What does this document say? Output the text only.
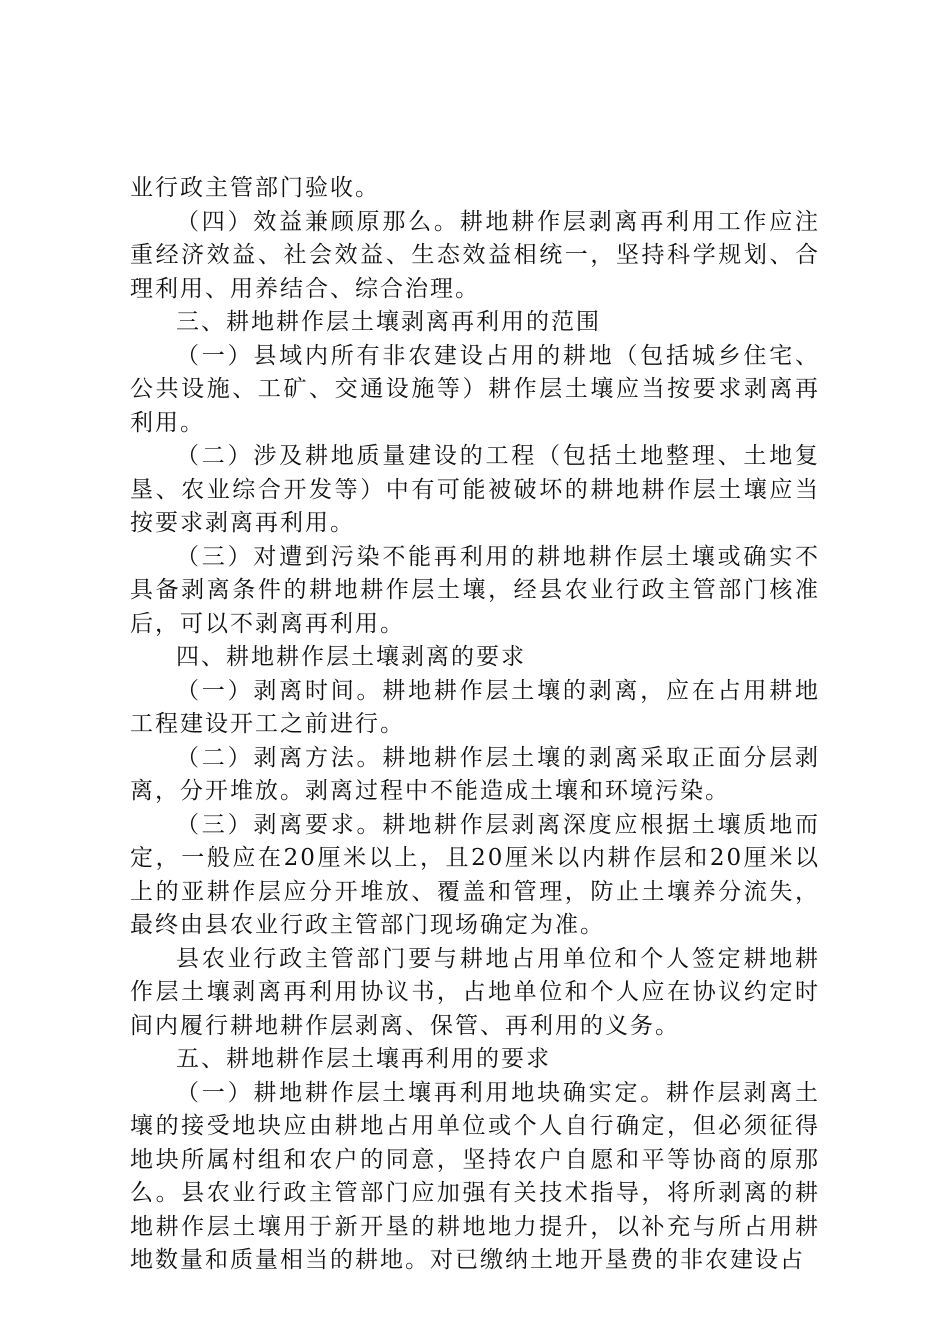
业行政主管部门验收。

（四）效益兼顾原那么。耕地耕作层剥离再利用工作应注重经济效益、社会效益、生态效益相统一，坚持科学规划、合理利用、用养结合、综合治理。

三、耕地耕作层土壤剥离再利用的范围

（一）县域内所有非农建设占用的耕地（包括城乡住宅、公共设施、工矿、交通设施等）耕作层土壤应当按要求剥离再利用。

（二）涉及耕地质量建设的工程（包括土地整理、土地复垦、农业综合开发等）中有可能被破坏的耕地耕作层土壤应当按要求剥离再利用。

（三）对遭到污染不能再利用的耕地耕作层土壤或确实不具备剥离条件的耕地耕作层土壤，经县农业行政主管部门核准后，可以不剥离再利用。

四、耕地耕作层土壤剥离的要求

（一）剥离时间。耕地耕作层土壤的剥离，应在占用耕地工程建设开工之前进行。

（二）剥离方法。耕地耕作层土壤的剥离采取正面分层剥离，分开堆放。剥离过程中不能造成土壤和环境污染。

（三）剥离要求。耕地耕作层剥离深度应根据土壤质地而定，一般应在20厘米以上，且20厘米以内耕作层和20厘米以上的亚耕作层应分开堆放、覆盖和管理，防止土壤养分流失，最终由县农业行政主管部门现场确定为准。

县农业行政主管部门要与耕地占用单位和个人签定耕地耕作层土壤剥离再利用协议书，占地单位和个人应在协议约定时间内履行耕地耕作层剥离、保管、再利用的义务。

五、耕地耕作层土壤再利用的要求

（一）耕地耕作层土壤再利用地块确实定。耕作层剥离土壤的接受地块应由耕地占用单位或个人自行确定，但必须征得地块所属村组和农户的同意，坚持农户自愿和平等协商的原那么。县农业行政主管部门应加强有关技术指导，将所剥离的耕地耕作层土壤用于新开垦的耕地地力提升，以补充与所占用耕地数量和质量相当的耕地。对已缴纳土地开垦费的非农建设占
